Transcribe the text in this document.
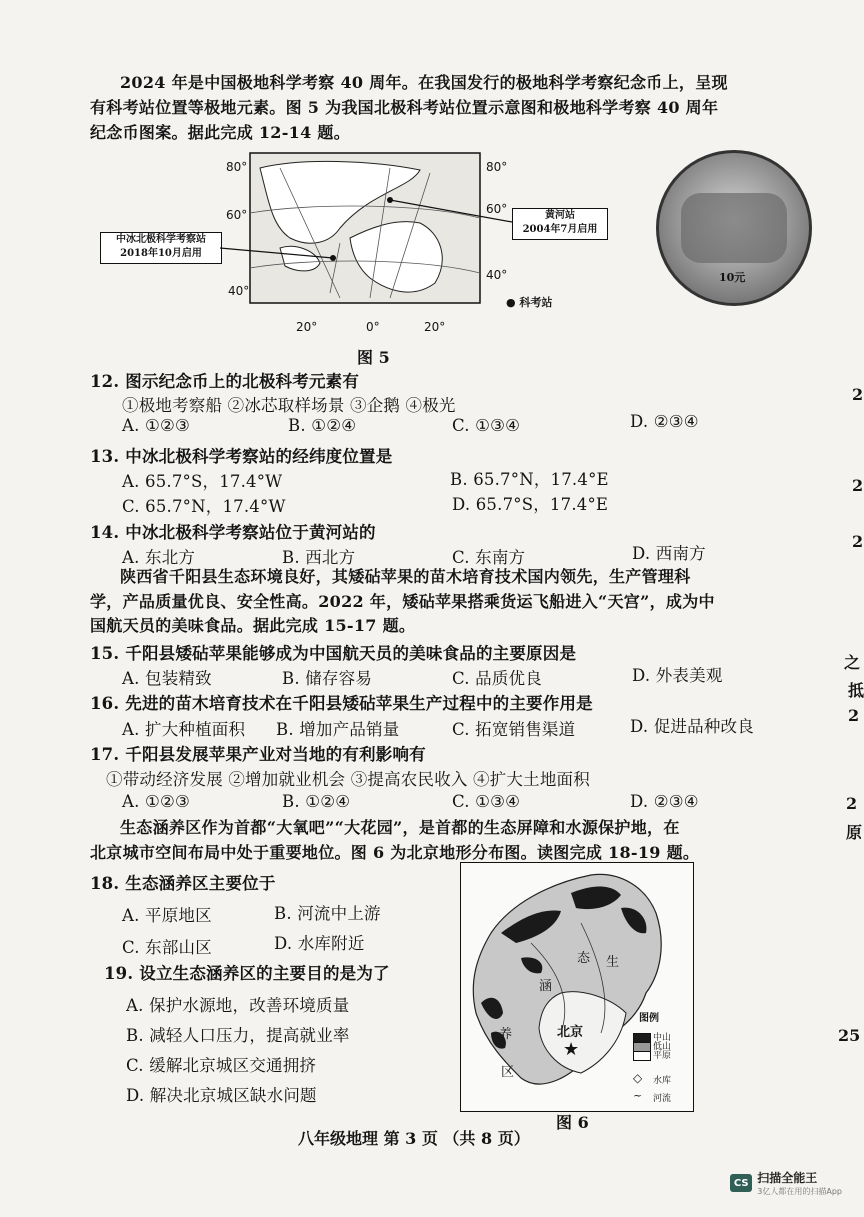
2024 年是中国极地科学考察 40 周年。在我国发行的极地科学考察纪念币上，呈现
有科考站位置等极地元素。图 5 为我国北极科考站位置示意图和极地科学考察 40 周年
纪念币图案。据此完成 12-14 题。
80°
60°
40°
80°
60°
40°
20°	0°	20°
中冰北极科学考察站
2018年10月启用
黄河站
2004年7月启用
● 科考站
图 5
10元
12. 图示纪念币上的北极科考元素有
①极地考察船 ②冰芯取样场景 ③企鹅 ④极光
A. ①②③	B. ①②④	C. ①③④	D. ②③④
13. 中冰北极科学考察站的经纬度位置是
A. 65.7°S，17.4°W	B. 65.7°N，17.4°E
C. 65.7°N，17.4°W	D. 65.7°S，17.4°E
14. 中冰北极科学考察站位于黄河站的
A. 东北方	B. 西北方	C. 东南方	D. 西南方
陕西省千阳县生态环境良好，其矮砧苹果的苗木培育技术国内领先，生产管理科
学，产品质量优良、安全性高。2022 年，矮砧苹果搭乘货运飞船进入“天宫”，成为中
国航天员的美味食品。据此完成 15-17 题。
15. 千阳县矮砧苹果能够成为中国航天员的美味食品的主要原因是
A. 包装精致	B. 储存容易	C. 品质优良	D. 外表美观
16. 先进的苗木培育技术在千阳县矮砧苹果生产过程中的主要作用是
A. 扩大种植面积 B. 增加产品销量	C. 拓宽销售渠道	D. 促进品种改良
17. 千阳县发展苹果产业对当地的有利影响有
①带动经济发展 ②增加就业机会 ③提高农民收入 ④扩大土地面积
A. ①②③	B. ①②④	C. ①③④	D. ②③④
生态涵养区作为首都“大氧吧”“大花园”，是首都的生态屏障和水源保护地，在
北京城市空间布局中处于重要地位。图 6 为北京地形分布图。读图完成 18-19 题。
18. 生态涵养区主要位于
A. 平原地区	B. 河流中上游
C. 东部山区	D. 水库附近
19. 设立生态涵养区的主要目的是为了
A. 保护水源地，改善环境质量
B. 减轻人口压力，提高就业率
C. 缓解北京城区交通拥挤
D. 解决北京城区缺水问题
涵
养
区
态 生
北京
★
图例
中山
低山
平原
◇ 水库
~ 河流
图 6
八年级地理 第 3 页 （共 8 页）
2
2
2
之
抵
2
2
原
25
CS 扫描全能王
3亿人都在用的扫描App
